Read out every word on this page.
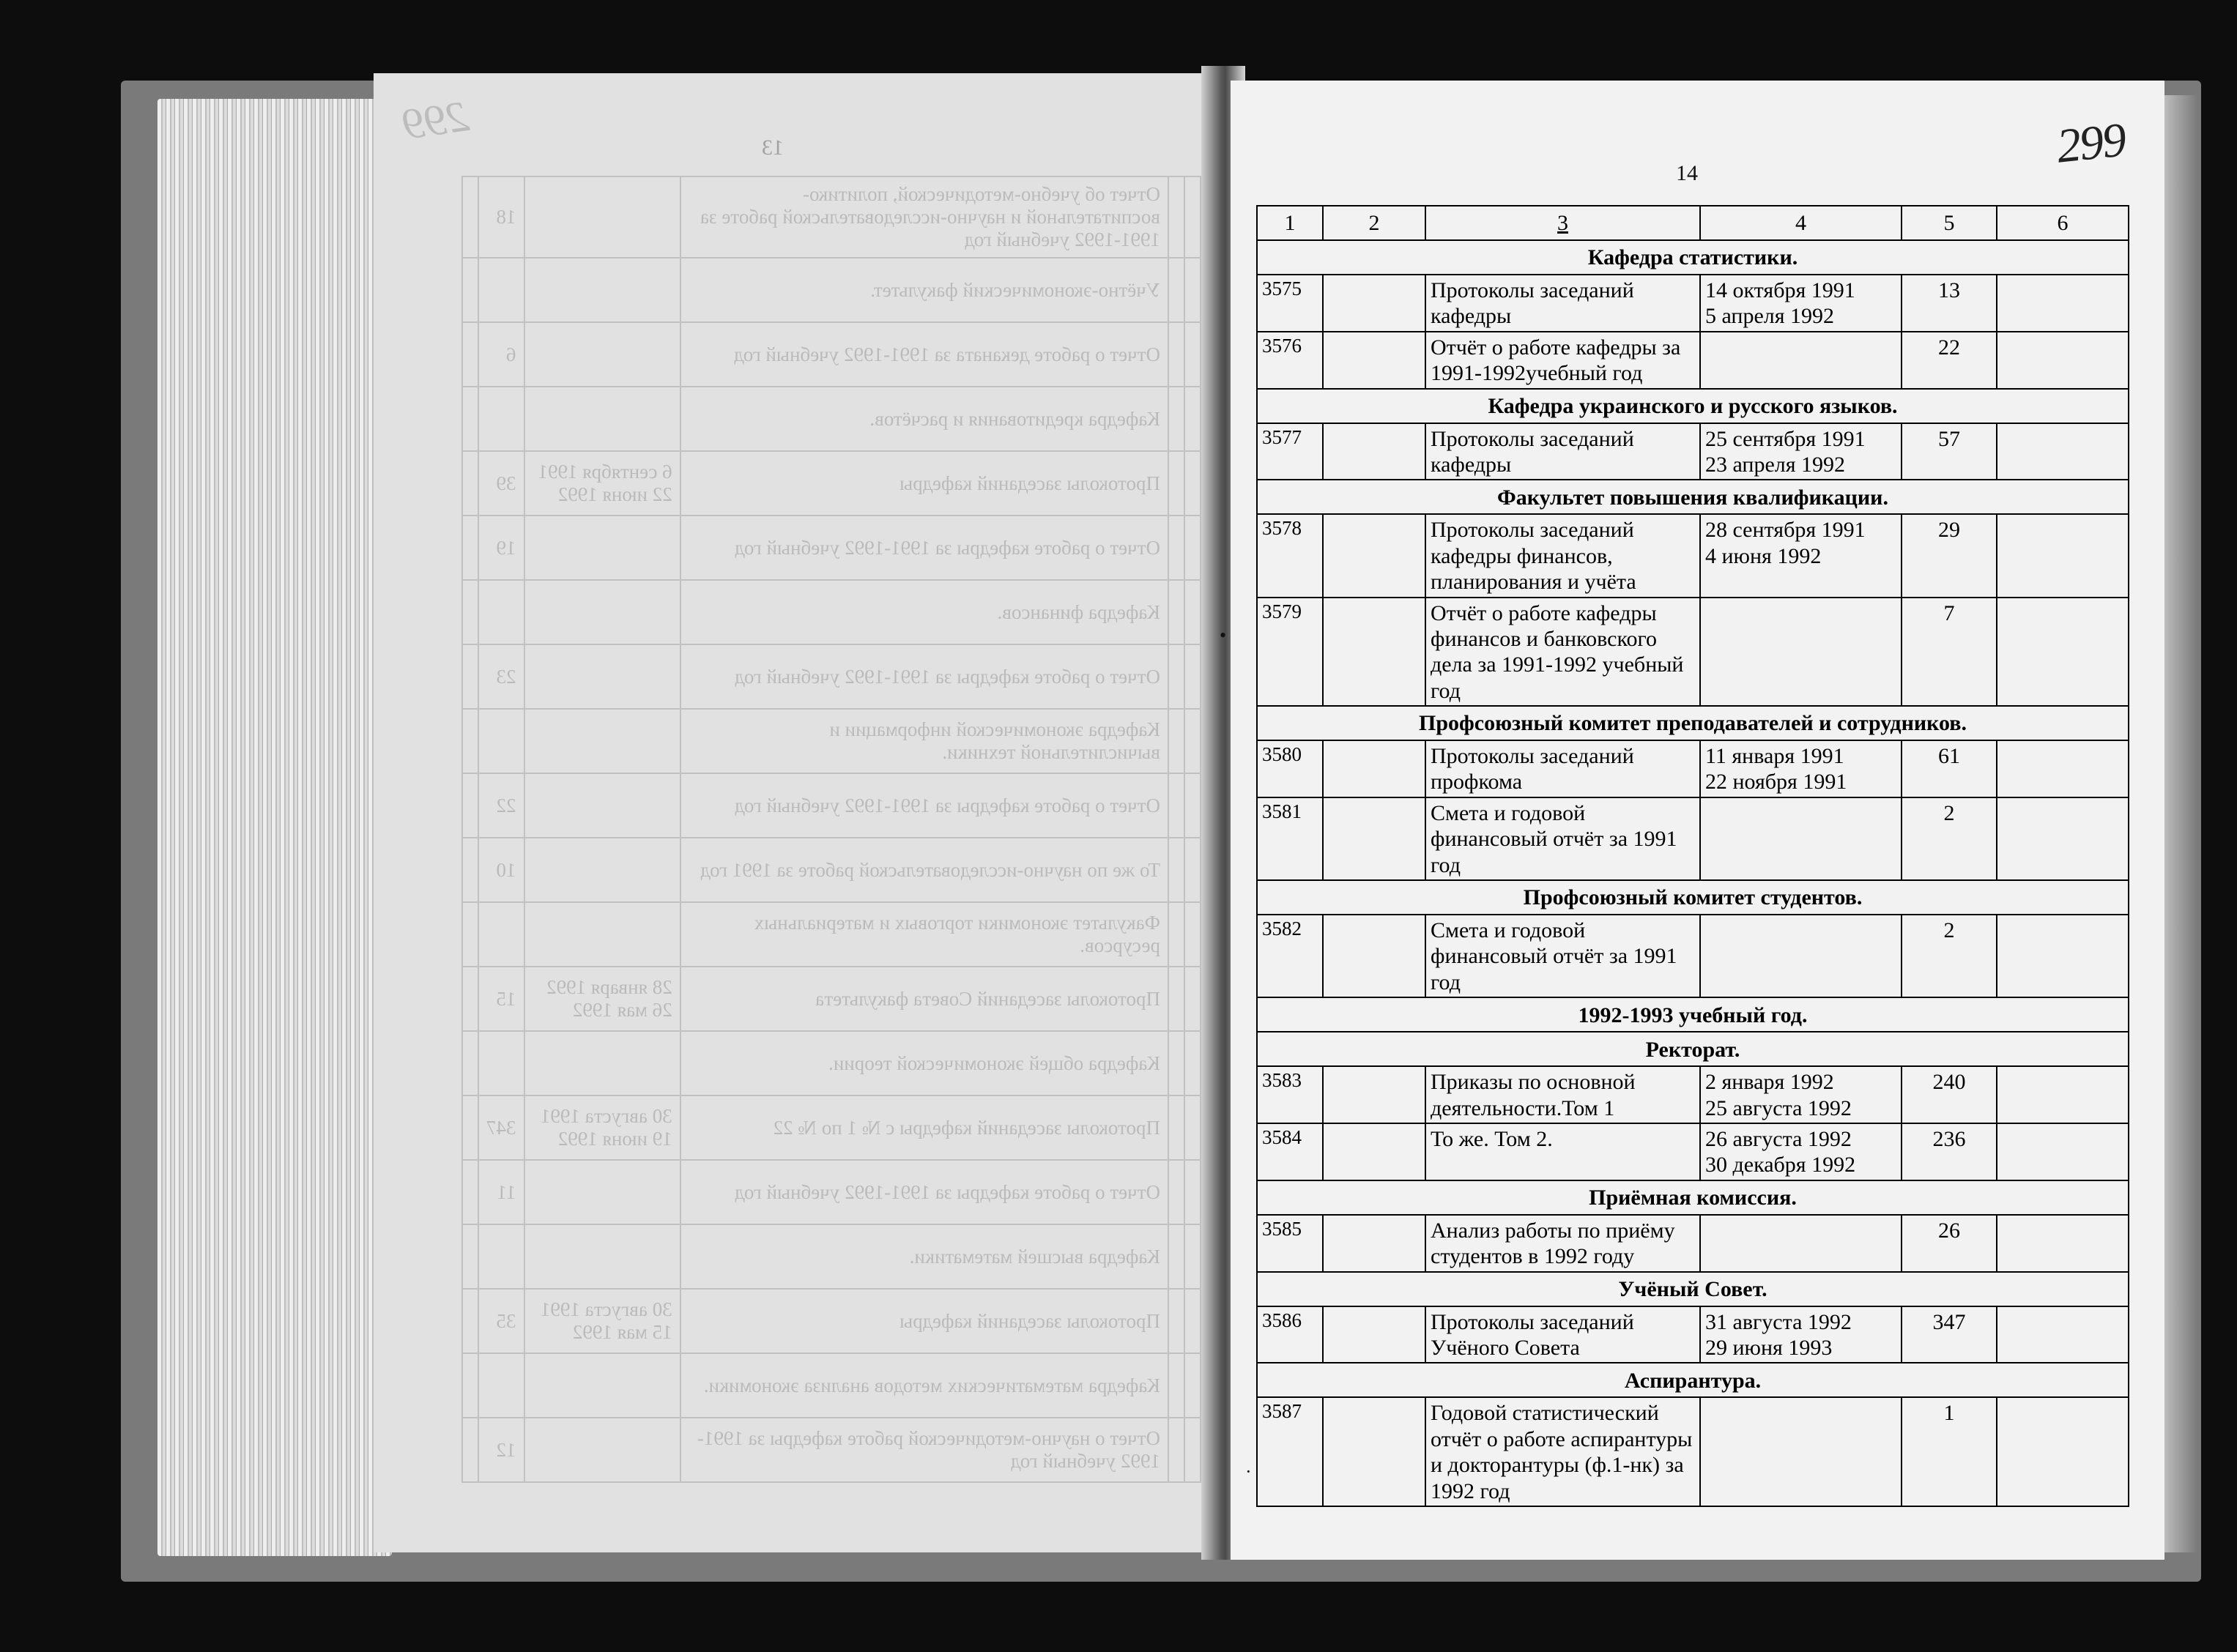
299	13
		Отчет об учебно-методической, политико-воспитательной и научно-исследовательской работе за 1991-1992 учебный год		18	
		Учётно-экономический факультет.			
		Отчет о работе деканата за 1991-1992 учебный год		6	
		Кафедра кредитования и расчётов.			
		Протоколы заседаний кафедры	6 сентября 1991 22 июня 1992	39	
		Отчет о работе кафедры за 1991-1992 учебный год		19	
		Кафедра финансов.			
		Отчет о работе кафедры за 1991-1992 учебный год		23	
		Кафедра экономической информации и вычислительной техники.			
		Отчет о работе кафедры за 1991-1992 учебный год		22	
		То же по научно-исследовательской работе за 1991 год		10	
		Факультет экономики торговых и материальных ресурсов.			
		Протоколы заседаний Совета факультета	28 января 1992 26 мая 1992	15	
		Кафедра общей экономической теории.			
		Протоколы заседаний кафедры с № 1 по № 22	30 августа 1991 19 июня 1992	347	
		Отчет о работе кафедры за 1991-1992 учебный год		11	
		Кафедра высшей математики.			
		Протоколы заседаний кафедры	30 августа 1991 15 мая 1992	35	
		Кафедра математических методов анализа экономики.			
		Отчет о научно-методической работе кафедры за 1991-1992 учебный год		12	
14	299
•
·
1	2	3	4	5	6
Кафедра статистики.					
3575		Протоколы заседаний кафедры	14 октября 1991
5 апреля 1992	13	
3576		Отчёт о работе кафедры за 1991-1992учебный год		22	
Кафедра украинского и русского языков.					
3577		Протоколы заседаний кафедры	25 сентября 1991
23 апреля 1992	57	
Факультет повышения квалификации.					
3578		Протоколы заседаний кафедры финансов, планирования и учёта	28 сентября 1991
4 июня 1992	29	
3579		Отчёт о работе кафедры финансов и банковского дела за 1991-1992 учебный год		7	
Профсоюзный комитет преподавателей и сотрудников.					
3580		Протоколы заседаний профкома	11 января 1991
22 ноября 1991	61	
3581		Смета и годовой финансовый отчёт за 1991 год		2	
Профсоюзный комитет студентов.					
3582		Смета и годовой финансовый отчёт за 1991 год		2	
1992-1993 учебный год.					
Ректорат.					
3583		Приказы по основной деятельности.Том 1	2 января 1992
25 августа 1992	240	
3584		То же. Том 2.	26 августа 1992
30 декабря 1992	236	
Приёмная комиссия.					
3585		Анализ работы по приёму студентов в 1992 году		26	
Учёный Совет.					
3586		Протоколы заседаний Учёного Совета	31 августа 1992
29 июня 1993	347	
Аспирантура.					
3587		Годовой статистический отчёт о работе аспирантуры и докторантуры (ф.1-нк) за 1992 год		1	
